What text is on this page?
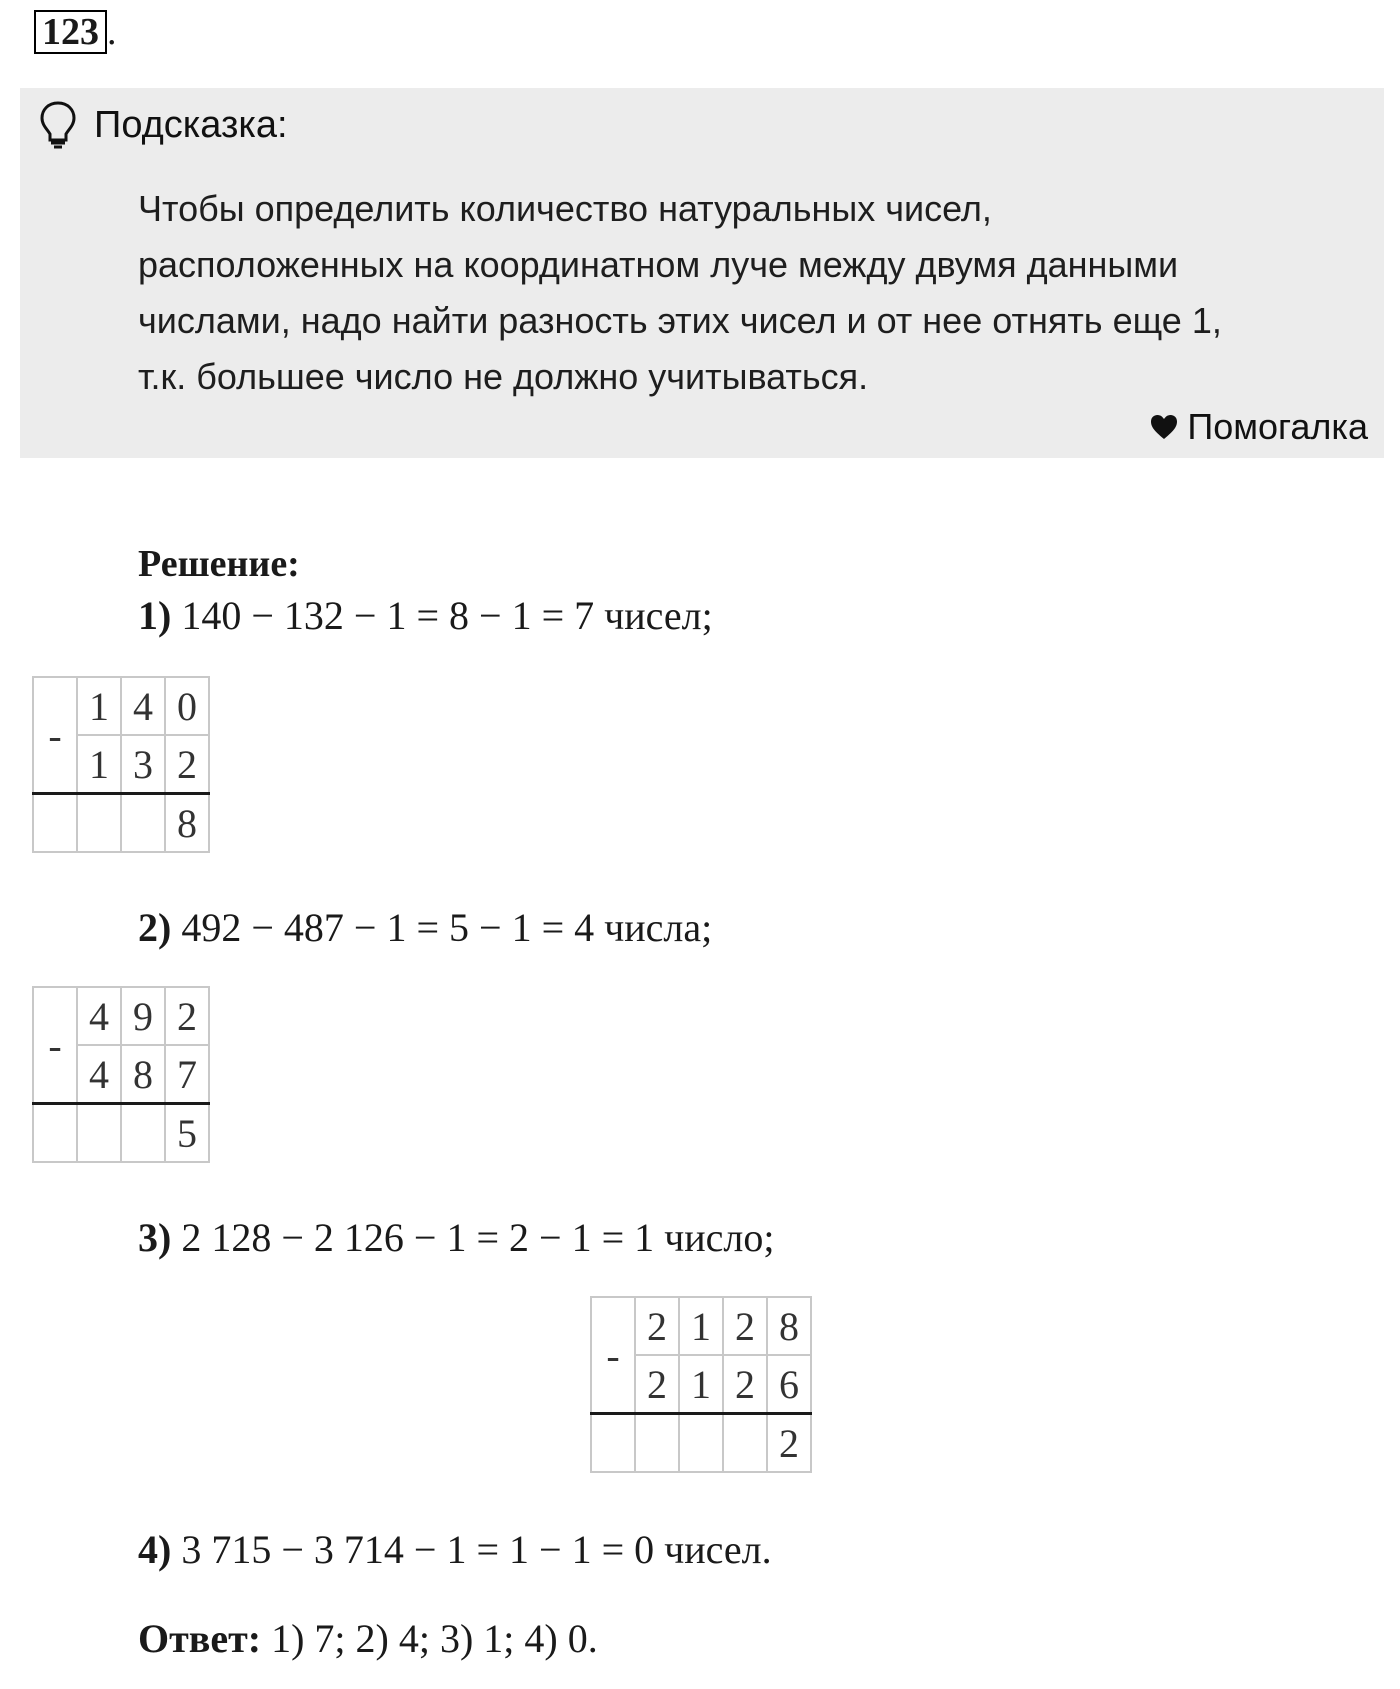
123 .
Подсказка:
Чтобы определить количество натуральных чисел,
расположенных на координатном луче между двумя данными
числами, надо найти разность этих чисел и от нее отнять еще 1,
т.к. большее число не должно учитываться.
Помогалка
Решение:
1) 140 − 132 − 1 = 8 − 1 = 7 чисел;
	1	4	0
-	1	3	2
			8
2) 492 − 487 − 1 = 5 − 1 = 4 числа;
	4	9	2
-	4	8	7
			5
3) 2 128 − 2 126 − 1 = 2 − 1 = 1 число;
	2	1	2	8
-	2	1	2	6
				2
4) 3 715 − 3 714 − 1 = 1 − 1 = 0 чисел.
Ответ: 1) 7; 2) 4; 3) 1; 4) 0.
